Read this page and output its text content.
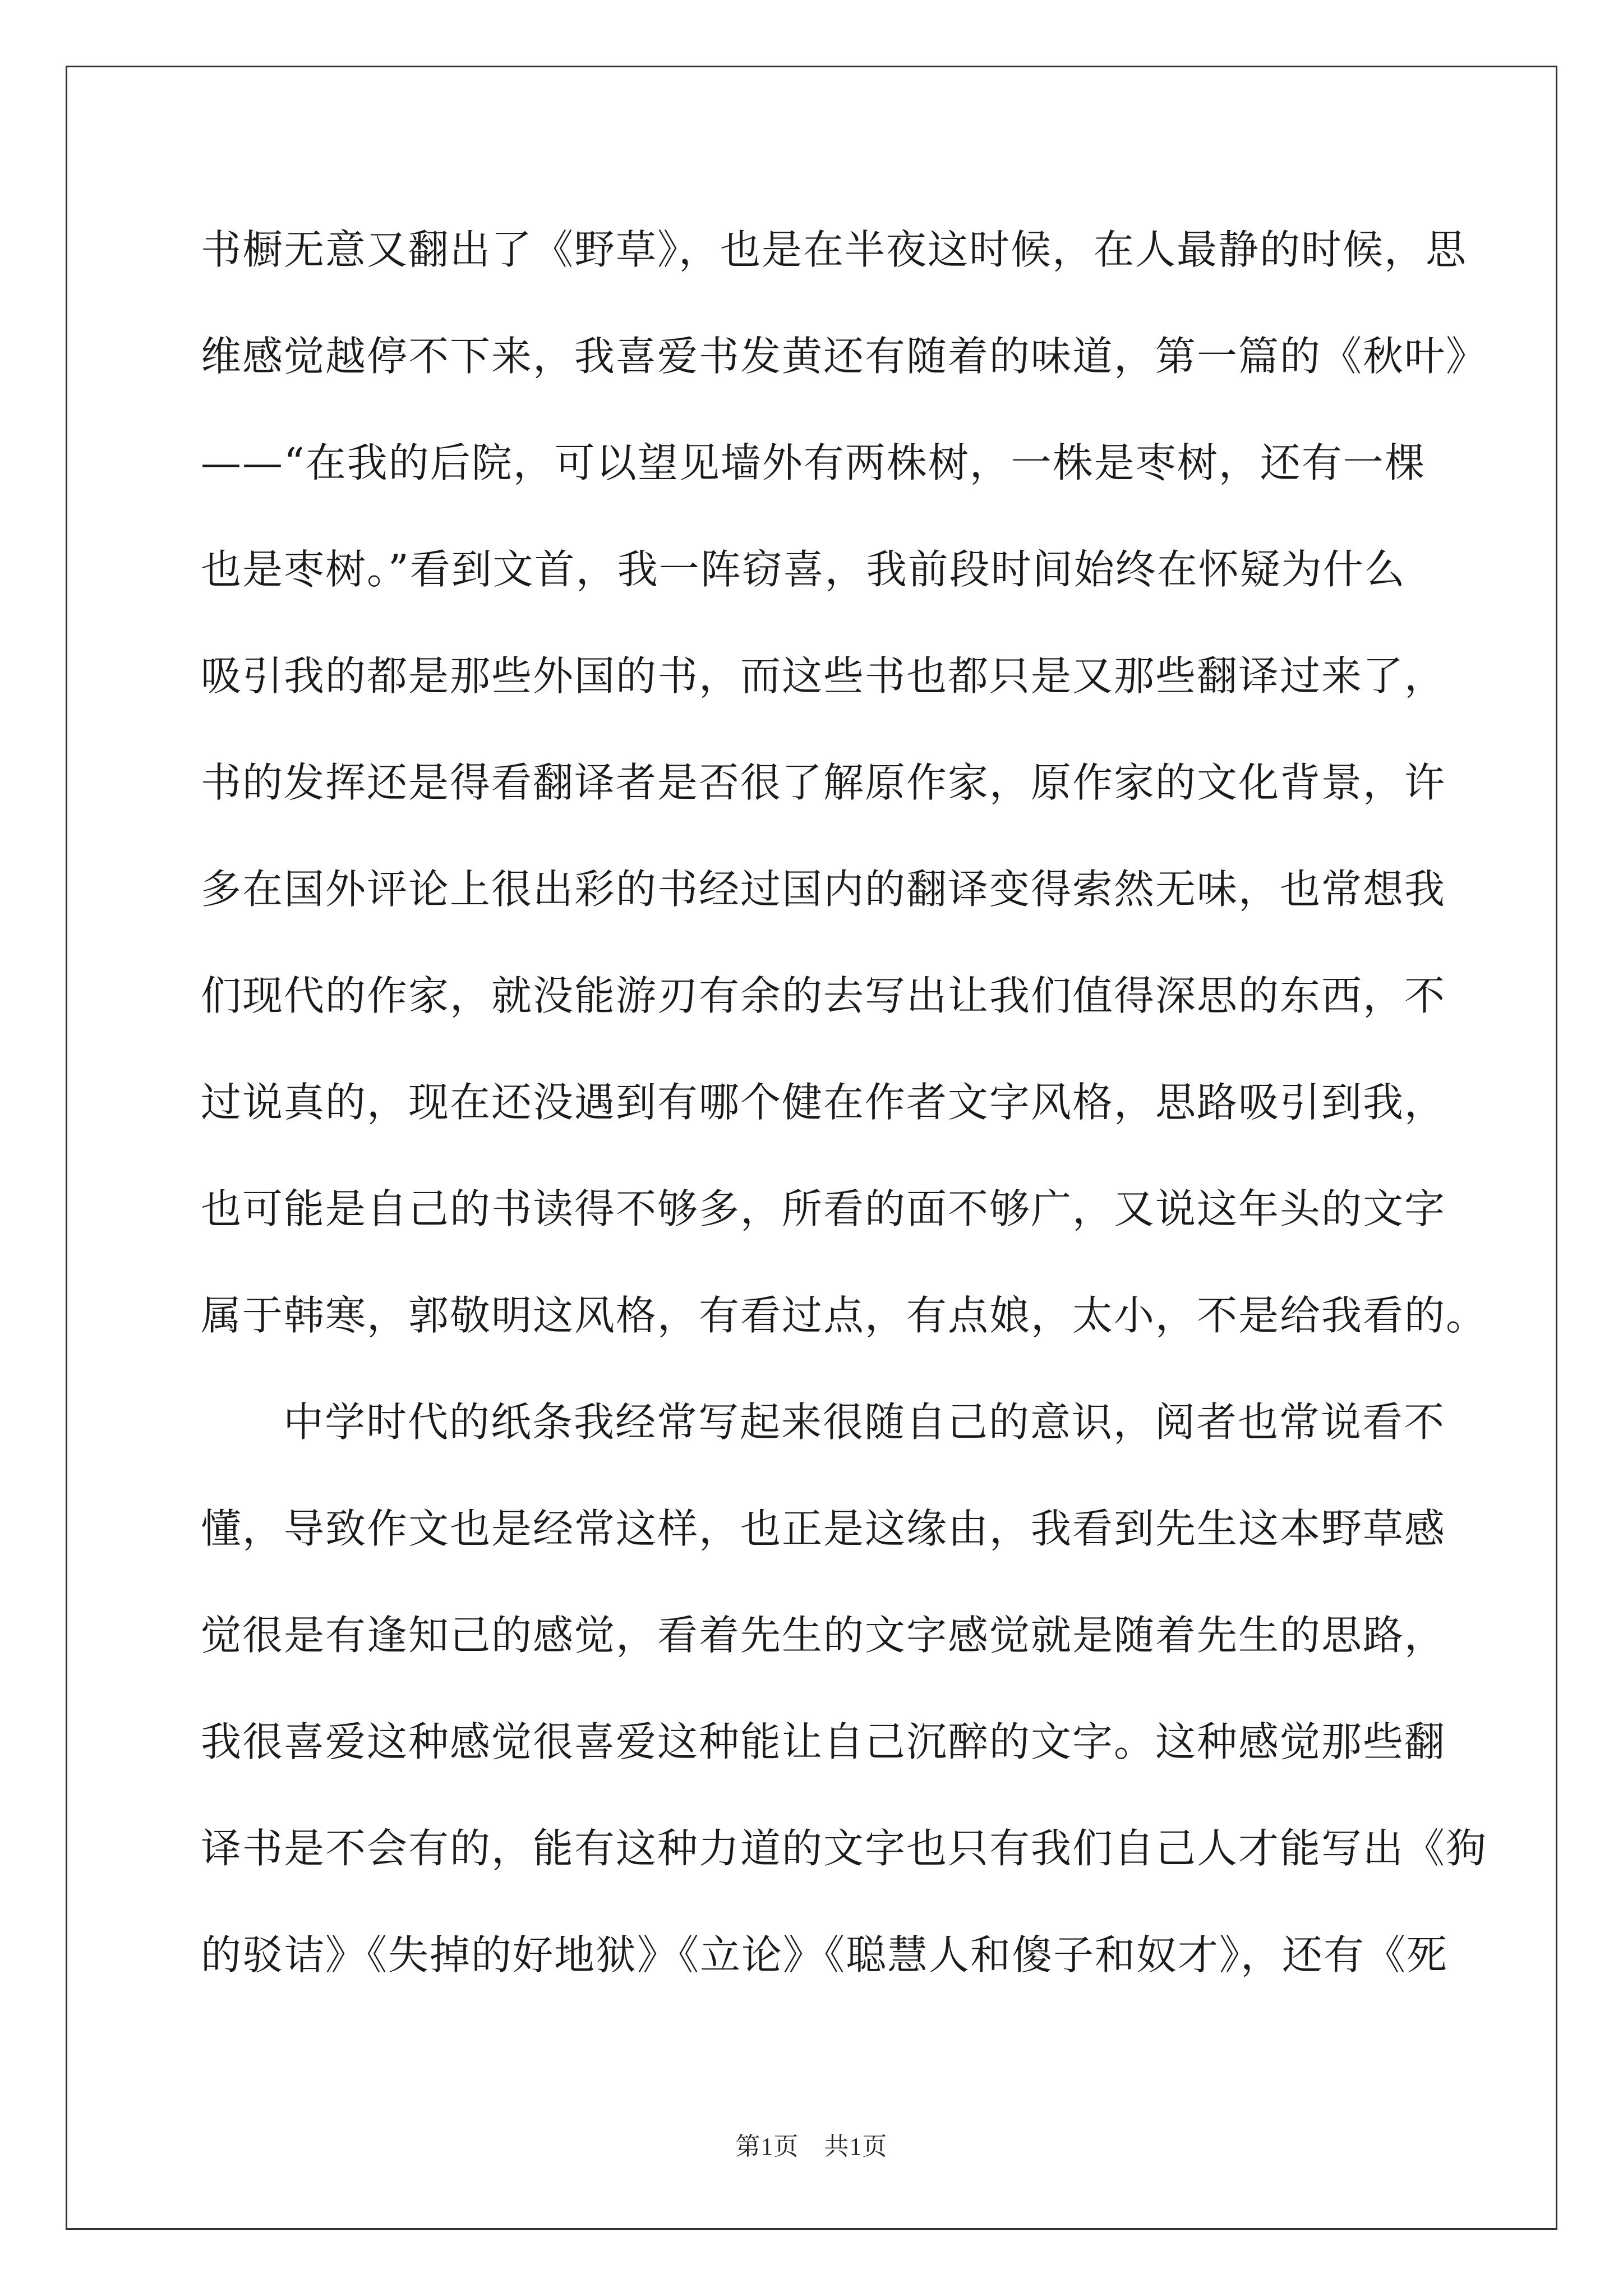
书橱无意又翻出了《野草》，也是在半夜这时候，在人最静的时候，思
维感觉越停不下来，我喜爱书发黄还有随着的味道，第一篇的《秋叶》
——“在我的后院，可以望见墙外有两株树，一株是枣树，还有一棵
也是枣树。”看到文首，我一阵窃喜，我前段时间始终在怀疑为什么
吸引我的都是那些外国的书，而这些书也都只是又那些翻译过来了，
书的发挥还是得看翻译者是否很了解原作家，原作家的文化背景，许
多在国外评论上很出彩的书经过国内的翻译变得索然无味，也常想我
们现代的作家，就没能游刃有余的去写出让我们值得深思的东西，不
过说真的，现在还没遇到有哪个健在作者文字风格，思路吸引到我，
也可能是自己的书读得不够多，所看的面不够广，又说这年头的文字
属于韩寒，郭敬明这风格，有看过点，有点娘，太小，不是给我看的。
中学时代的纸条我经常写起来很随自己的意识，阅者也常说看不
懂，导致作文也是经常这样，也正是这缘由，我看到先生这本野草感
觉很是有逢知己的感觉，看着先生的文字感觉就是随着先生的思路，
我很喜爱这种感觉很喜爱这种能让自己沉醉的文字。这种感觉那些翻
译书是不会有的，能有这种力道的文字也只有我们自己人才能写出《狗
的驳诘》《失掉的好地狱》《立论》《聪慧人和傻子和奴才》，还有《死
第1页　共1页
